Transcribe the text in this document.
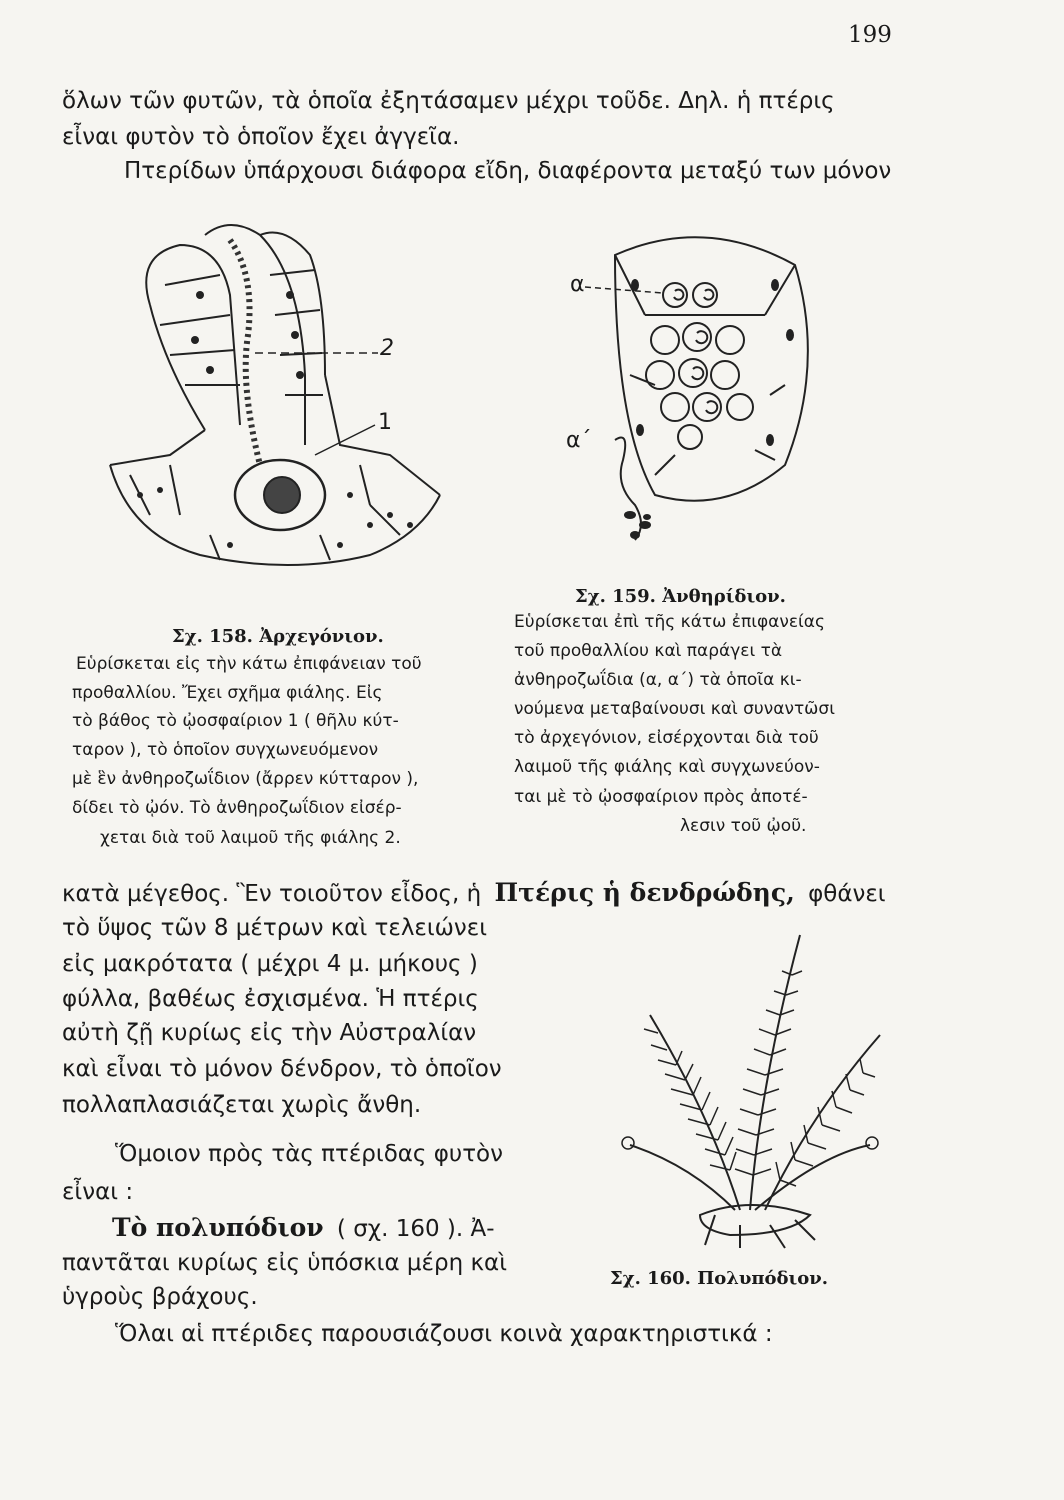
199
ὅλων τῶν φυτῶν, τὰ ὁποῖα ἐξητάσαμεν μέχρι τοῦδε. Δηλ. ἡ πτέρις
εἶναι φυτὸν τὸ ὁποῖον ἔχει ἀγγεῖα.
Πτερίδων ὑπάρχουσι διάφορα εἴδη, διαφέροντα μεταξύ των μόνον
2
1
Σχ. 158. Ἀρχεγόνιον.
Εὑρίσκεται εἰς τὴν κάτω ἐπιφάνειαν τοῦ
προθαλλίου. Ἔχει σχῆμα φιάλης. Εἰς
τὸ βάθος τὸ ᾠοσφαίριον 1 ( θῆλυ κύτ-
ταρον ), τὸ ὁποῖον συγχωνευόμενον
μὲ ἓν ἀνθηροζωΐδιον (ἄρρεν κύτταρον ),
δίδει τὸ ᾠόν. Τὸ ἀνθηροζωΐδιον εἰσέρ-
χεται διὰ τοῦ λαιμοῦ τῆς φιάλης 2.
α
α΄
Σχ. 159. Ἀνθηρίδιον.
Εὑρίσκεται ἐπὶ τῆς κάτω ἐπιφανείας
τοῦ προθαλλίου καὶ παράγει τὰ
ἀνθηροζωΐδια (α, α΄) τὰ ὁποῖα κι-
νούμενα μεταβαίνουσι καὶ συναντῶσι
τὸ ἀρχεγόνιον, εἰσέρχονται διὰ τοῦ
λαιμοῦ τῆς φιάλης καὶ συγχωνεύον-
ται μὲ τὸ ᾠοσφαίριον πρὸς ἀποτέ-
λεσιν τοῦ ᾠοῦ.
κατὰ μέγεθος. Ἓν τοιοῦτον εἶδος, ἡ Πτέρις ἡ δενδρώδης, φθάνει
τὸ ὕψος τῶν 8 μέτρων καὶ τελειώνει
εἰς μακρότατα ( μέχρι 4 μ. μήκους )
φύλλα, βαθέως ἐσχισμένα. Ἡ πτέρις
αὐτὴ ζῇ κυρίως εἰς τὴν Αὐστραλίαν
καὶ εἶναι τὸ μόνον δένδρον, τὸ ὁποῖον
πολλαπλασιάζεται χωρὶς ἄνθη.
Ὅμοιον πρὸς τὰς πτέριδας φυτὸν
εἶναι :
Τὸ πολυπόδιον ( σχ. 160 ). Ἀ-
παντᾶται κυρίως εἰς ὑπόσκια μέρη καὶ
ὑγροὺς βράχους.
Σχ. 160. Πολυπόδιον.
Ὅλαι αἱ πτέριδες παρουσιάζουσι κοινὰ χαρακτηριστικά :
